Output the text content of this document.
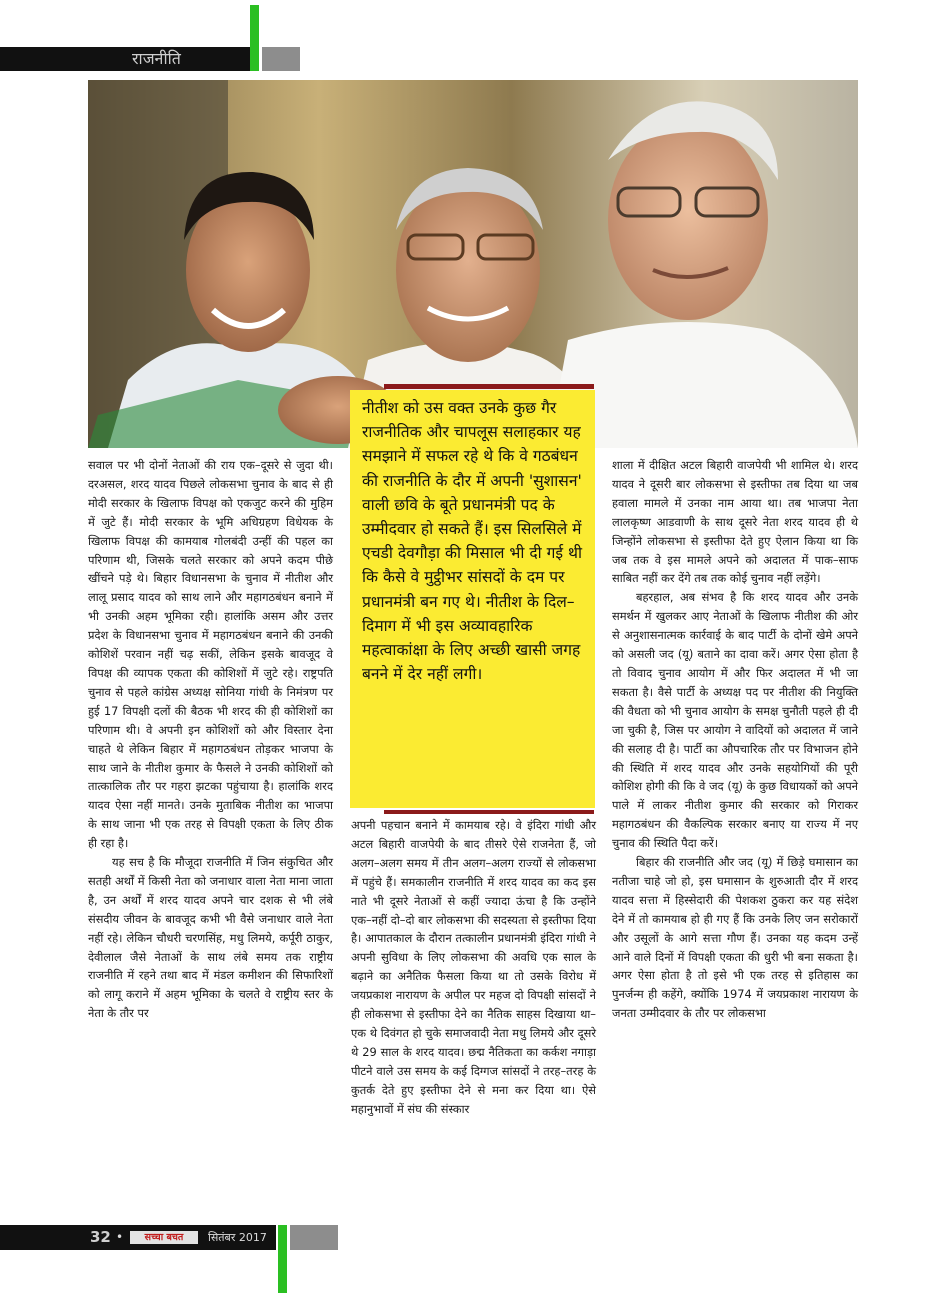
राजनीति
नीतीश को उस वक्त उनके कुछ गैर राजनीतिक और चापलूस सलाहकार यह समझाने में सफल रहे थे कि वे गठबंधन की राजनीति के दौर में अपनी 'सुशासन' वाली छवि के बूते प्रधानमंत्री पद के उम्मीदवार हो सकते हैं। इस सिलसिले में एचडी देवगौड़ा की मिसाल भी दी गई थी कि कैसे वे मुट्ठीभर सांसदों के दम पर प्रधानमंत्री बन गए थे। नीतीश के दिल–दिमाग में भी इस अव्यावहारिक महत्वाकांक्षा के लिए अच्छी खासी जगह बनने में देर नहीं लगी।

सवाल पर भी दोनों नेताओं की राय एक–दूसरे से जुदा थी। दरअसल, शरद यादव पिछले लोकसभा चुनाव के बाद से ही मोदी सरकार के खिलाफ विपक्ष को एकजुट करने की मुहिम में जुटे हैं। मोदी सरकार के भूमि अधिग्रहण विधेयक के खिलाफ विपक्ष की कामयाब गोलबंदी उन्हीं की पहल का परिणाम थी, जिसके चलते सरकार को अपने कदम पीछे खींचने पड़े थे। बिहार विधानसभा के चुनाव में नीतीश और लालू प्रसाद यादव को साथ लाने और महागठबंधन बनाने में भी उनकी अहम भूमिका रही। हालांकि असम और उत्तर प्रदेश के विधानसभा चुनाव में महागठबंधन बनाने की उनकी कोशिशें परवान नहीं चढ़ सकीं, लेकिन इसके बावजूद वे विपक्ष की व्यापक एकता की कोशिशों में जुटे रहे। राष्ट्रपति चुनाव से पहले कांग्रेस अध्यक्ष सोनिया गांधी के निमंत्रण पर हुई 17 विपक्षी दलों की बैठक भी शरद की ही कोशिशों का परिणाम थी। वे अपनी इन कोशिशों को और विस्तार देना चाहते थे लेकिन बिहार में महागठबंधन तोड़कर भाजपा के साथ जाने के नीतीश कुमार के फैसले ने उनकी कोशिशों को तात्कालिक तौर पर गहरा झटका पहुंचाया है। हालांकि शरद यादव ऐसा नहीं मानते। उनके मुताबिक नीतीश का भाजपा के साथ जाना भी एक तरह से विपक्षी एकता के लिए ठीक ही रहा है।

यह सच है कि मौजूदा राजनीति में जिन संकुचित और सतही अर्थों में किसी नेता को जनाधार वाला नेता माना जाता है, उन अर्थों में शरद यादव अपने चार दशक से भी लंबे संसदीय जीवन के बावजूद कभी भी वैसे जनाधार वाले नेता नहीं रहे। लेकिन चौधरी चरणसिंह, मधु लिमये, कर्पूरी ठाकुर, देवीलाल जैसे नेताओं के साथ लंबे समय तक राष्ट्रीय राजनीति में रहने तथा बाद में मंडल कमीशन की सिफारिशों को लागू कराने में अहम भूमिका के चलते वे राष्ट्रीय स्तर के नेता के तौर पर

अपनी पहचान बनाने में कामयाब रहे। वे इंदिरा गांधी और अटल बिहारी वाजपेयी के बाद तीसरे ऐसे राजनेता हैं, जो अलग–अलग समय में तीन अलग–अलग राज्यों से लोकसभा में पहुंचे हैं। समकालीन राजनीति में शरद यादव का कद इस नाते भी दूसरे नेताओं से कहीं ज्यादा ऊंचा है कि उन्होंने एक–नहीं दो–दो बार लोकसभा की सदस्यता से इस्तीफा दिया है। आपातकाल के दौरान तत्कालीन प्रधानमंत्री इंदिरा गांधी ने अपनी सुविधा के लिए लोकसभा की अवधि एक साल के बढ़ाने का अनैतिक फैसला किया था तो उसके विरोध में जयप्रकाश नारायण के अपील पर महज दो विपक्षी सांसदों ने ही लोकसभा से इस्तीफा देने का नैतिक साहस दिखाया था– एक थे दिवंगत हो चुके समाजवादी नेता मधु लिमये और दूसरे थे 29 साल के शरद यादव। छद्म नैतिकता का कर्कश नगाड़ा पीटने वाले उस समय के कई दिग्गज सांसदों ने तरह–तरह के कुतर्क देते हुए इस्तीफा देने से मना कर दिया था। ऐसे महानुभावों में संघ की संस्कार

शाला में दीक्षित अटल बिहारी वाजपेयी भी शामिल थे। शरद यादव ने दूसरी बार लोकसभा से इस्तीफा तब दिया था जब हवाला मामले में उनका नाम आया था। तब भाजपा नेता लालकृष्ण आडवाणी के साथ दूसरे नेता शरद यादव ही थे जिन्होंने लोकसभा से इस्तीफा देते हुए ऐलान किया था कि जब तक वे इस मामले अपने को अदालत में पाक–साफ साबित नहीं कर देंगे तब तक कोई चुनाव नहीं लड़ेंगे।

बहरहाल, अब संभव है कि शरद यादव और उनके समर्थन में खुलकर आए नेताओं के खिलाफ नीतीश की ओर से अनुशासनात्मक कार्रवाई के बाद पार्टी के दोनों खेमे अपने को असली जद (यू) बताने का दावा करें। अगर ऐसा होता है तो विवाद चुनाव आयोग में और फिर अदालत में भी जा सकता है। वैसे पार्टी के अध्यक्ष पद पर नीतीश की नियुक्ति की वैधता को भी चुनाव आयोग के समक्ष चुनौती पहले ही दी जा चुकी है, जिस पर आयोग ने वादियों को अदालत में जाने की सलाह दी है। पार्टी का औपचारिक तौर पर विभाजन होने की स्थिति में शरद यादव और उनके सहयोगियों की पूरी कोशिश होगी की कि वे जद (यू) के कुछ विधायकों को अपने पाले में लाकर नीतीश कुमार की सरकार को गिराकर महागठबंधन की वैकल्पिक सरकार बनाए या राज्य में नए चुनाव की स्थिति पैदा करें।

बिहार की राजनीति और जद (यू) में छिड़े घमासान का नतीजा चाहे जो हो, इस घमासान के शुरुआती दौर में शरद यादव सत्ता में हिस्सेदारी की पेशकश ठुकरा कर यह संदेश देने में तो कामयाब हो ही गए हैं कि उनके लिए जन सरोकारों और उसूलों के आगे सत्ता गौण हैं। उनका यह कदम उन्हें आने वाले दिनों में विपक्षी एकता की धुरी भी बना सकता है। अगर ऐसा होता है तो इसे भी एक तरह से इतिहास का पुनर्जन्म ही कहेंगे, क्योंकि 1974 में जयप्रकाश नारायण के जनता उम्मीदवार के तौर पर लोकसभा

32 •	सच्चा बचत	सितंबर 2017
